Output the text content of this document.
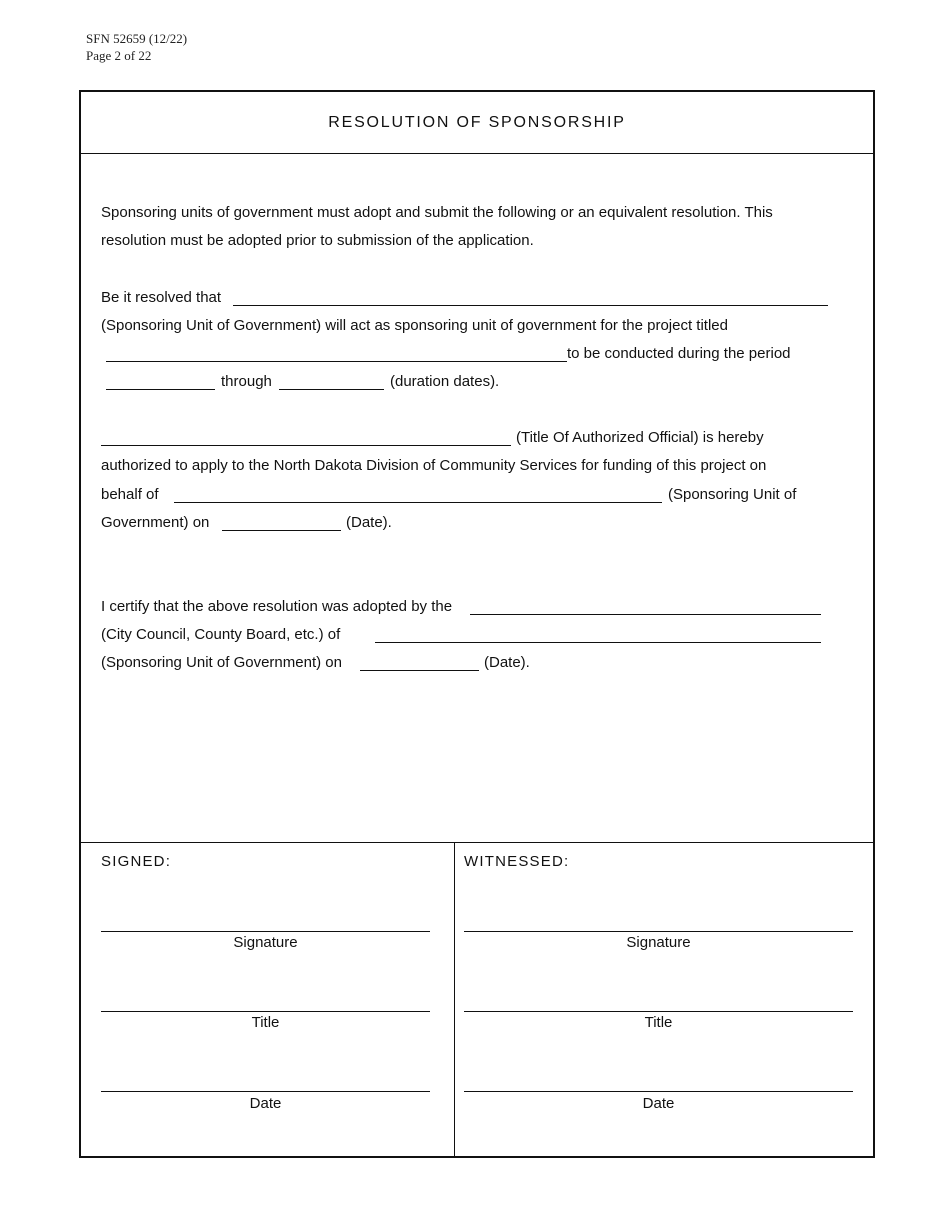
SFN 52659 (12/22)
Page 2 of 22
RESOLUTION OF SPONSORSHIP
Sponsoring units of government must adopt and submit the following or an equivalent resolution. This
resolution must be adopted prior to submission of the application.
Be it resolved that
(Sponsoring Unit of Government) will act as sponsoring unit of government for the project titled
to be conducted during the period
through	(duration dates).
(Title Of Authorized Official) is hereby
authorized to apply to the North Dakota Division of Community Services for funding of this project on
behalf of	(Sponsoring Unit of
Government) on	(Date).
I certify that the above resolution was adopted by the
(City Council, County Board, etc.) of
(Sponsoring Unit of Government) on	(Date).
SIGNED:
Signature
Title
Date
WITNESSED:
Signature
Title
Date
